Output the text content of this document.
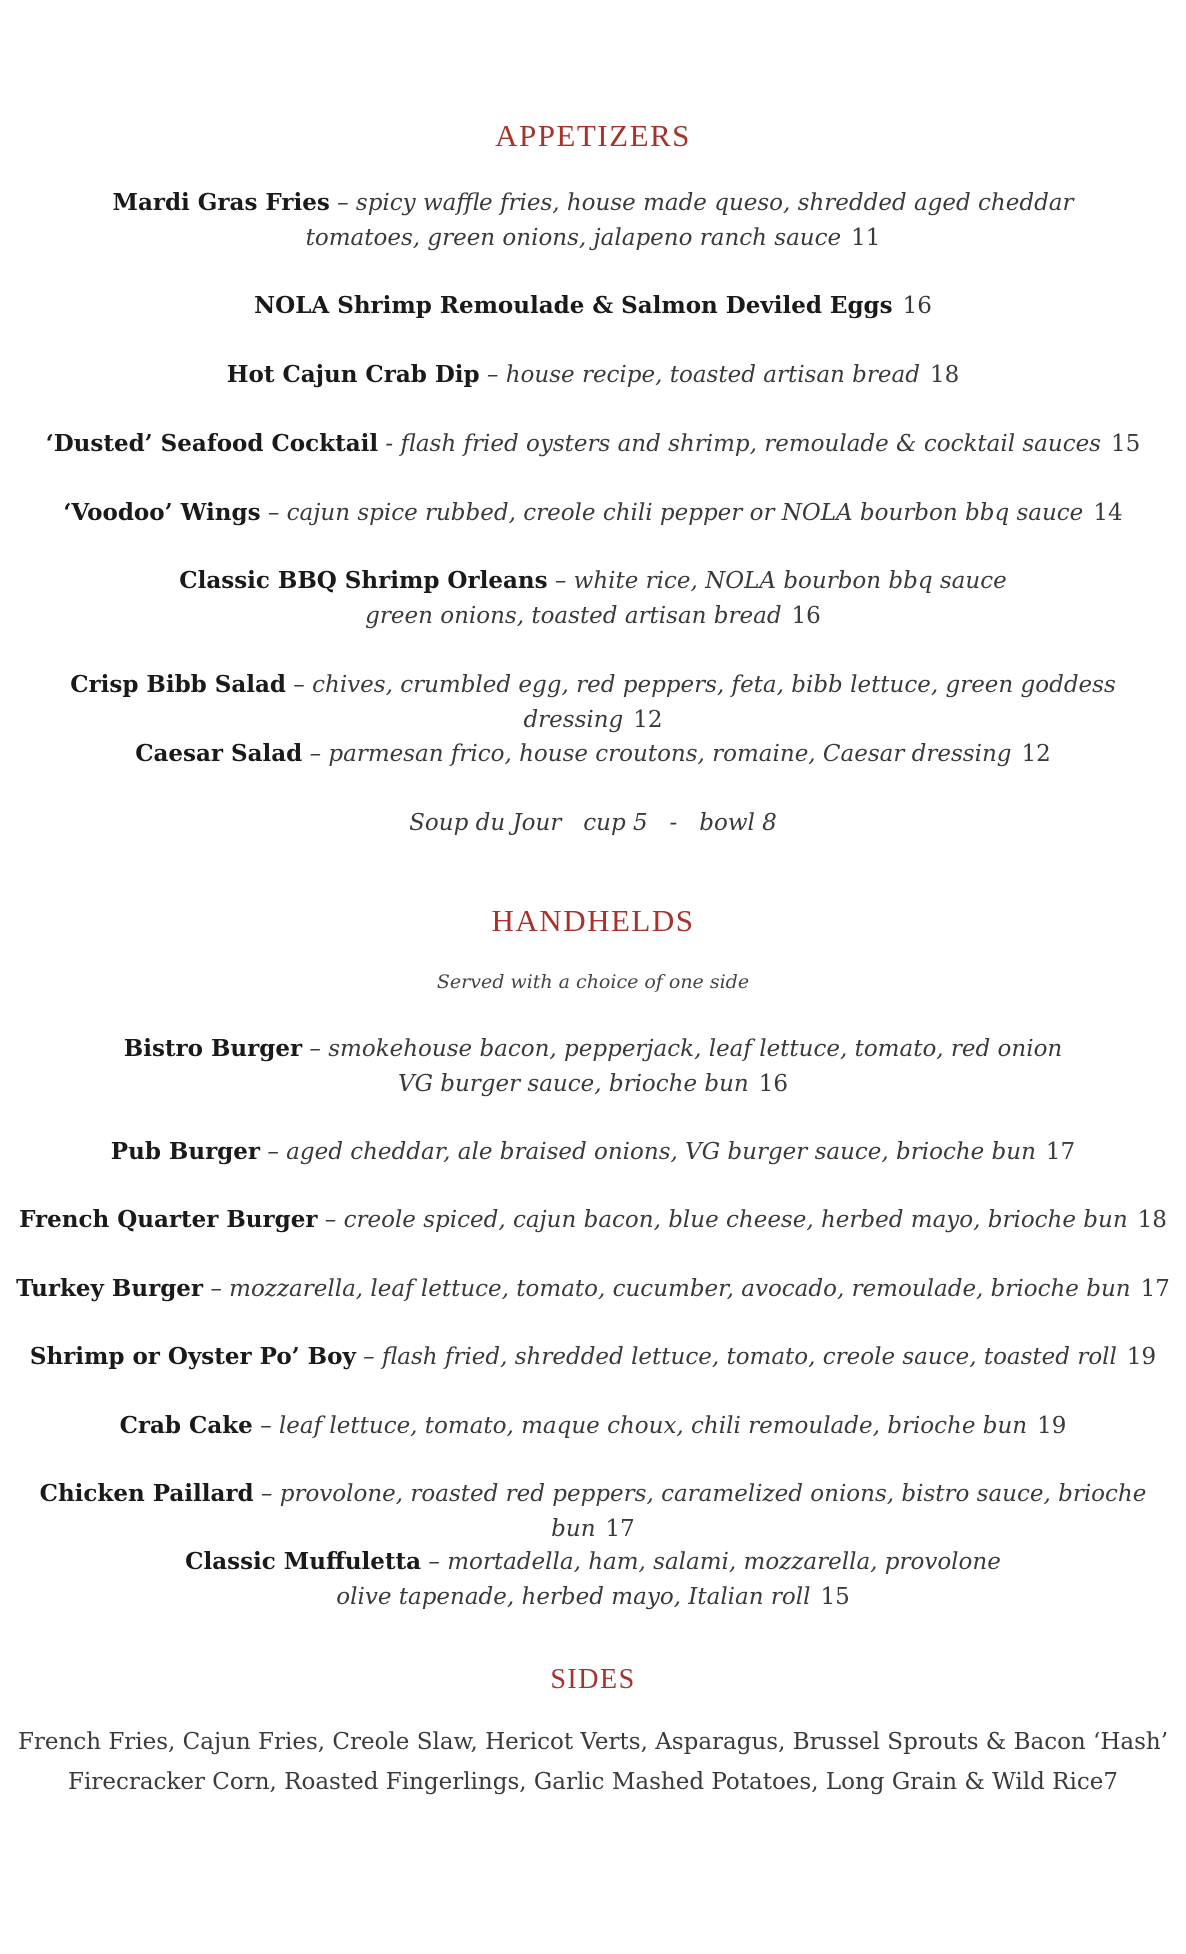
APPETIZERS

Mardi Gras Fries – spicy waffle fries, house made queso, shredded aged cheddar

tomatoes, green onions, jalapeno ranch sauce 11

NOLA Shrimp Remoulade & Salmon Deviled Eggs 16

Hot Cajun Crab Dip – house recipe, toasted artisan bread 18

‘Dusted’ Seafood Cocktail - flash fried oysters and shrimp, remoulade & cocktail sauces 15

‘Voodoo’ Wings – cajun spice rubbed, creole chili pepper or NOLA bourbon bbq sauce 14

Classic BBQ Shrimp Orleans – white rice, NOLA bourbon bbq sauce

green onions, toasted artisan bread 16

Crisp Bibb Salad – chives, crumbled egg, red peppers, feta, bibb lettuce, green goddess dressing 12

Caesar Salad – parmesan frico, house croutons, romaine, Caesar dressing 12

Soup du Jour   cup 5   -   bowl 8

HANDHELDS

Served with a choice of one side

Bistro Burger – smokehouse bacon, pepperjack, leaf lettuce, tomato, red onion

VG burger sauce, brioche bun 16

Pub Burger – aged cheddar, ale braised onions, VG burger sauce, brioche bun 17

French Quarter Burger – creole spiced, cajun bacon, blue cheese, herbed mayo, brioche bun 18

Turkey Burger – mozzarella, leaf lettuce, tomato, cucumber, avocado, remoulade, brioche bun 17

Shrimp or Oyster Po’ Boy – flash fried, shredded lettuce, tomato, creole sauce, toasted roll 19

Crab Cake – leaf lettuce, tomato, maque choux, chili remoulade, brioche bun 19

Chicken Paillard – provolone, roasted red peppers, caramelized onions, bistro sauce, brioche bun 17

Classic Muffuletta – mortadella, ham, salami, mozzarella, provolone

olive tapenade, herbed mayo, Italian roll 15

SIDES

French Fries, Cajun Fries, Creole Slaw, Hericot Verts, Asparagus, Brussel Sprouts & Bacon ‘Hash’

Firecracker Corn, Roasted Fingerlings, Garlic Mashed Potatoes, Long Grain & Wild Rice7
